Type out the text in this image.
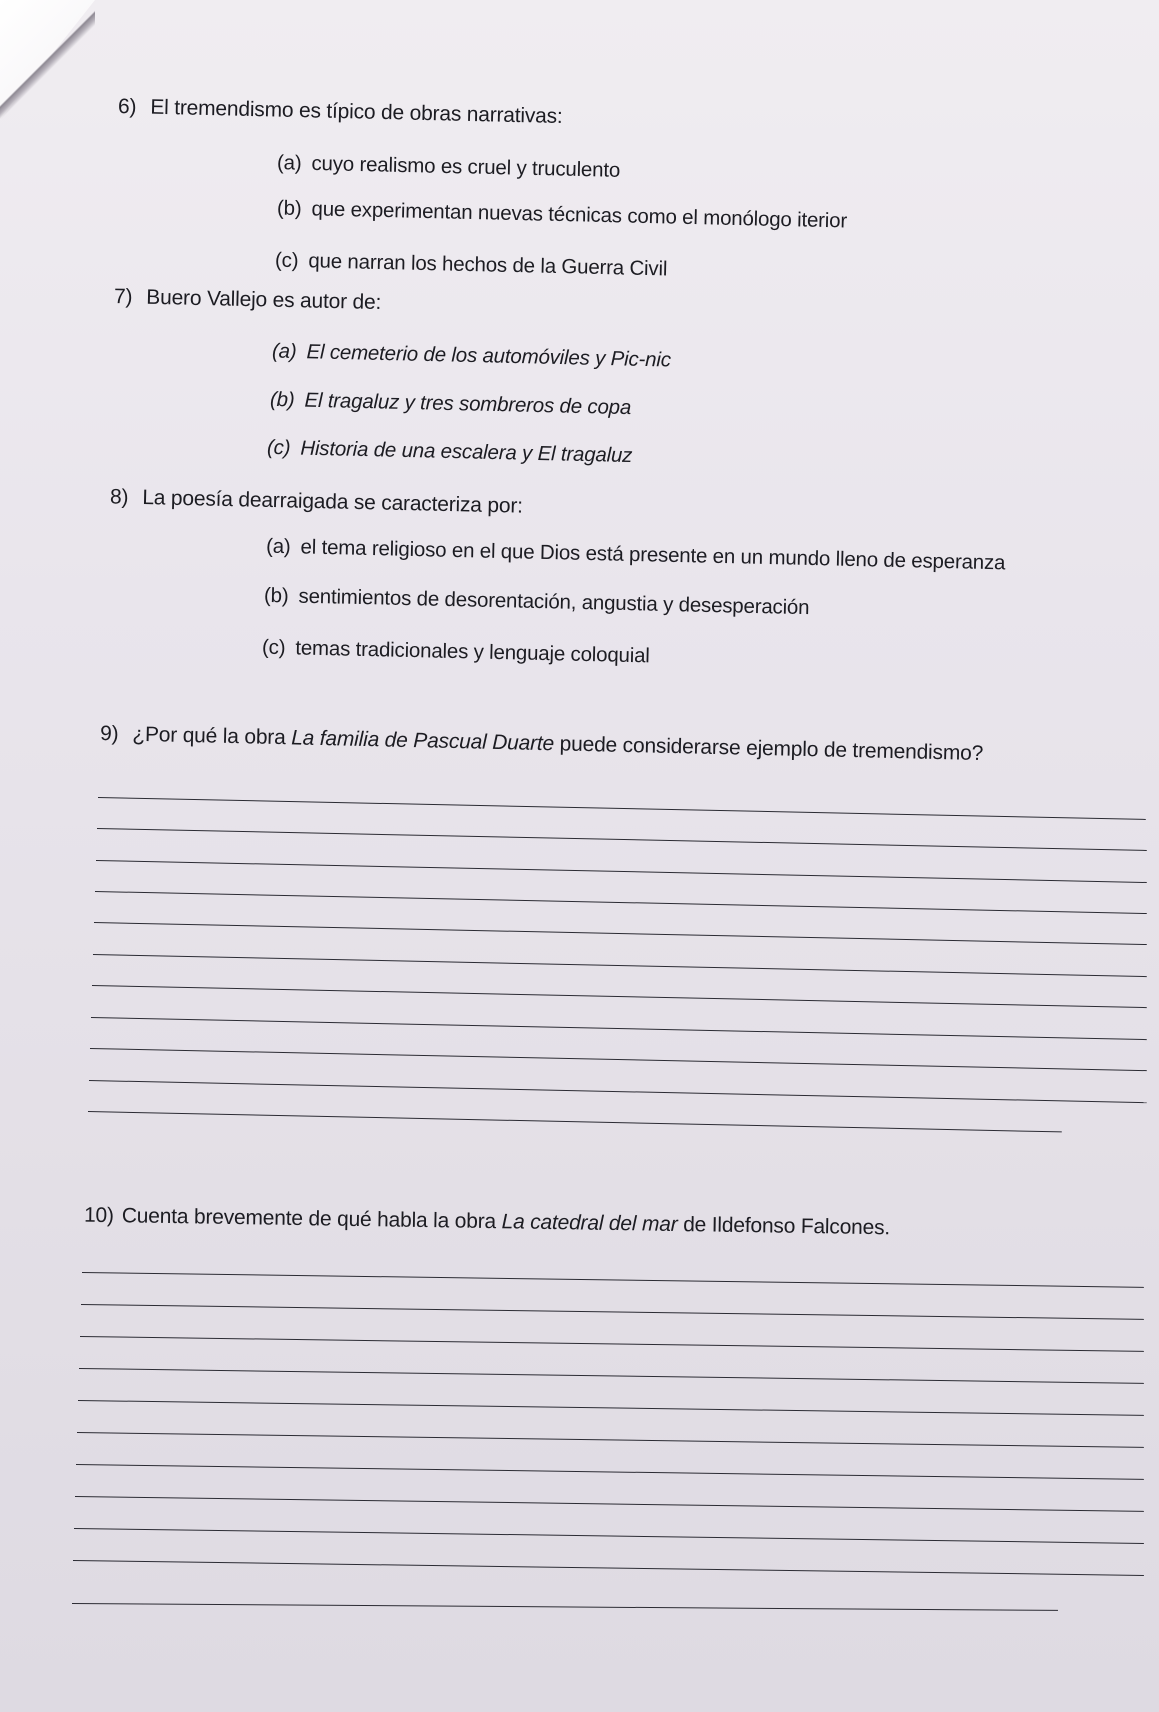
6) El tremendismo es típico de obras narrativas:
(a) cuyo realismo es cruel y truculento
(b) que experimentan nuevas técnicas como el monólogo iterior
(c) que narran los hechos de la Guerra Civil
7) Buero Vallejo es autor de:
(a) El cemeterio de los automóviles y Pic-nic
(b) El tragaluz y tres sombreros de copa
(c) Historia de una escalera y El tragaluz
8) La poesía dearraigada se caracteriza por:
(a) el tema religioso en el que Dios está presente en un mundo lleno de esperanza
(b) sentimientos de desorentación, angustia y desesperación
(c) temas tradicionales y lenguaje coloquial
9) ¿Por qué la obra La familia de Pascual Duarte puede considerarse ejemplo de tremendismo?
10) Cuenta brevemente de qué habla la obra La catedral del mar de Ildefonso Falcones.
